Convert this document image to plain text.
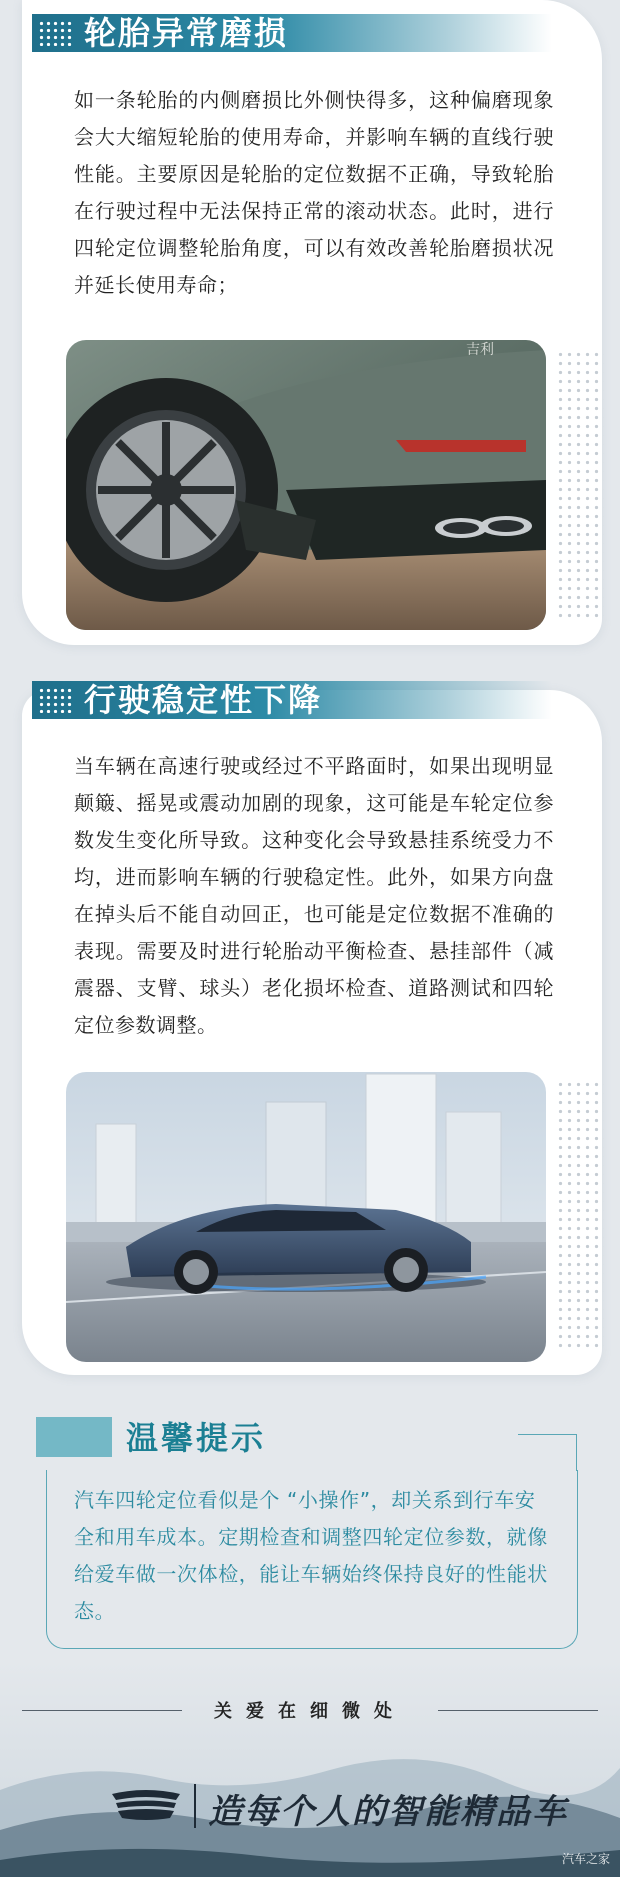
轮胎异常磨损
如一条轮胎的内侧磨损比外侧快得多，这种偏磨现象会大大缩短轮胎的使用寿命，并影响车辆的直线行驶性能。主要原因是轮胎的定位数据不正确，导致轮胎在行驶过程中无法保持正常的滚动状态。此时，进行四轮定位调整轮胎角度，可以有效改善轮胎磨损状况并延长使用寿命；
吉利
行驶稳定性下降
当车辆在高速行驶或经过不平路面时，如果出现明显颠簸、摇晃或震动加剧的现象，这可能是车轮定位参数发生变化所导致。这种变化会导致悬挂系统受力不均，进而影响车辆的行驶稳定性。此外，如果方向盘在掉头后不能自动回正，也可能是定位数据不准确的表现。需要及时进行轮胎动平衡检查、悬挂部件（减震器、支臂、球头）老化损坏检查、道路测试和四轮定位参数调整。
温馨提示
汽车四轮定位看似是个 “小操作”，却关系到行车安全和用车成本。定期检查和调整四轮定位参数，就像给爱车做一次体检，能让车辆始终保持良好的性能状态。
关爱在细微处
造每个人的智能精品车
汽车之家
